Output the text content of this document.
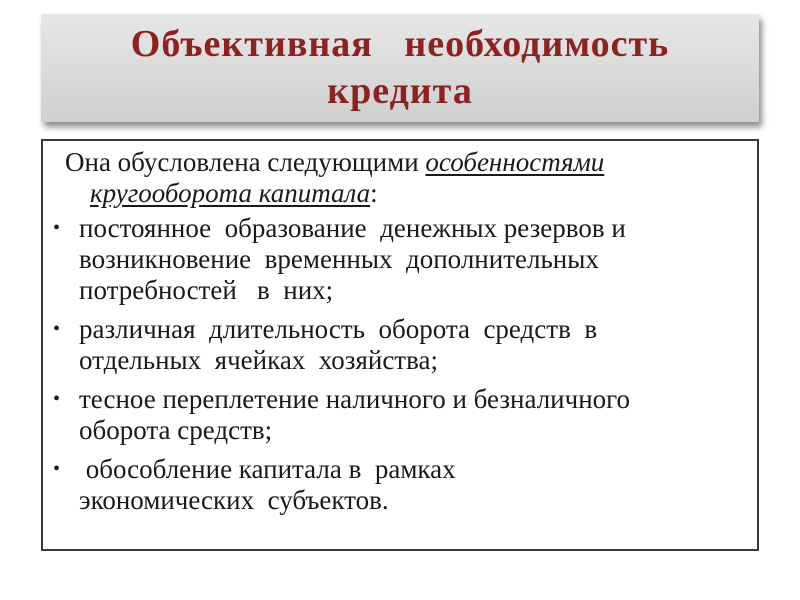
Объективная   необходимость
кредита
Она обусловлена следующими особенностями
кругооборота капитала:
• постоянное  образование  денежных резервов и
возникновение  временных  дополнительных
потребностей   в  них;
• различная  длительность  оборота  средств  в
отдельных  ячейках  хозяйства;
• тесное переплетение наличного и безналичного
оборота средств;
• обособление капитала в  рамках
экономических  субъектов.
